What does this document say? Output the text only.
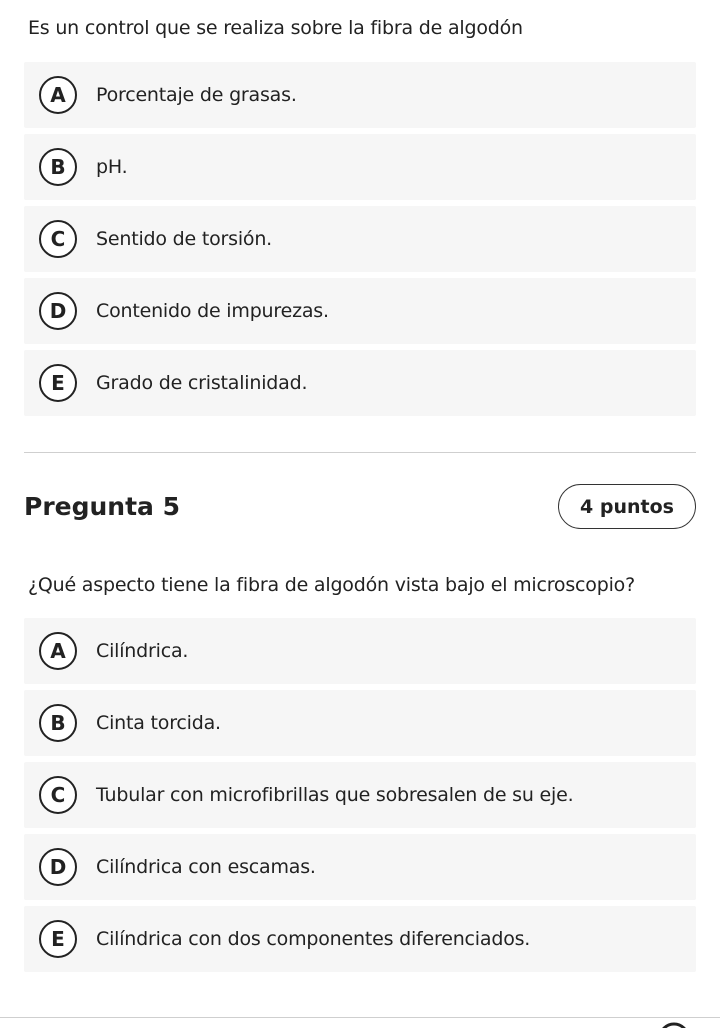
Es un control que se realiza sobre la fibra de algodón
A	Porcentaje de grasas.
B	pH.
C	Sentido de torsión.
D	Contenido de impurezas.
E	Grado de cristalinidad.
Pregunta 5	4 puntos
¿Qué aspecto tiene la fibra de algodón vista bajo el microscopio?
A	Cilíndrica.
B	Cinta torcida.
C	Tubular con microfibrillas que sobresalen de su eje.
D	Cilíndrica con escamas.
E	Cilíndrica con dos componentes diferenciados.
